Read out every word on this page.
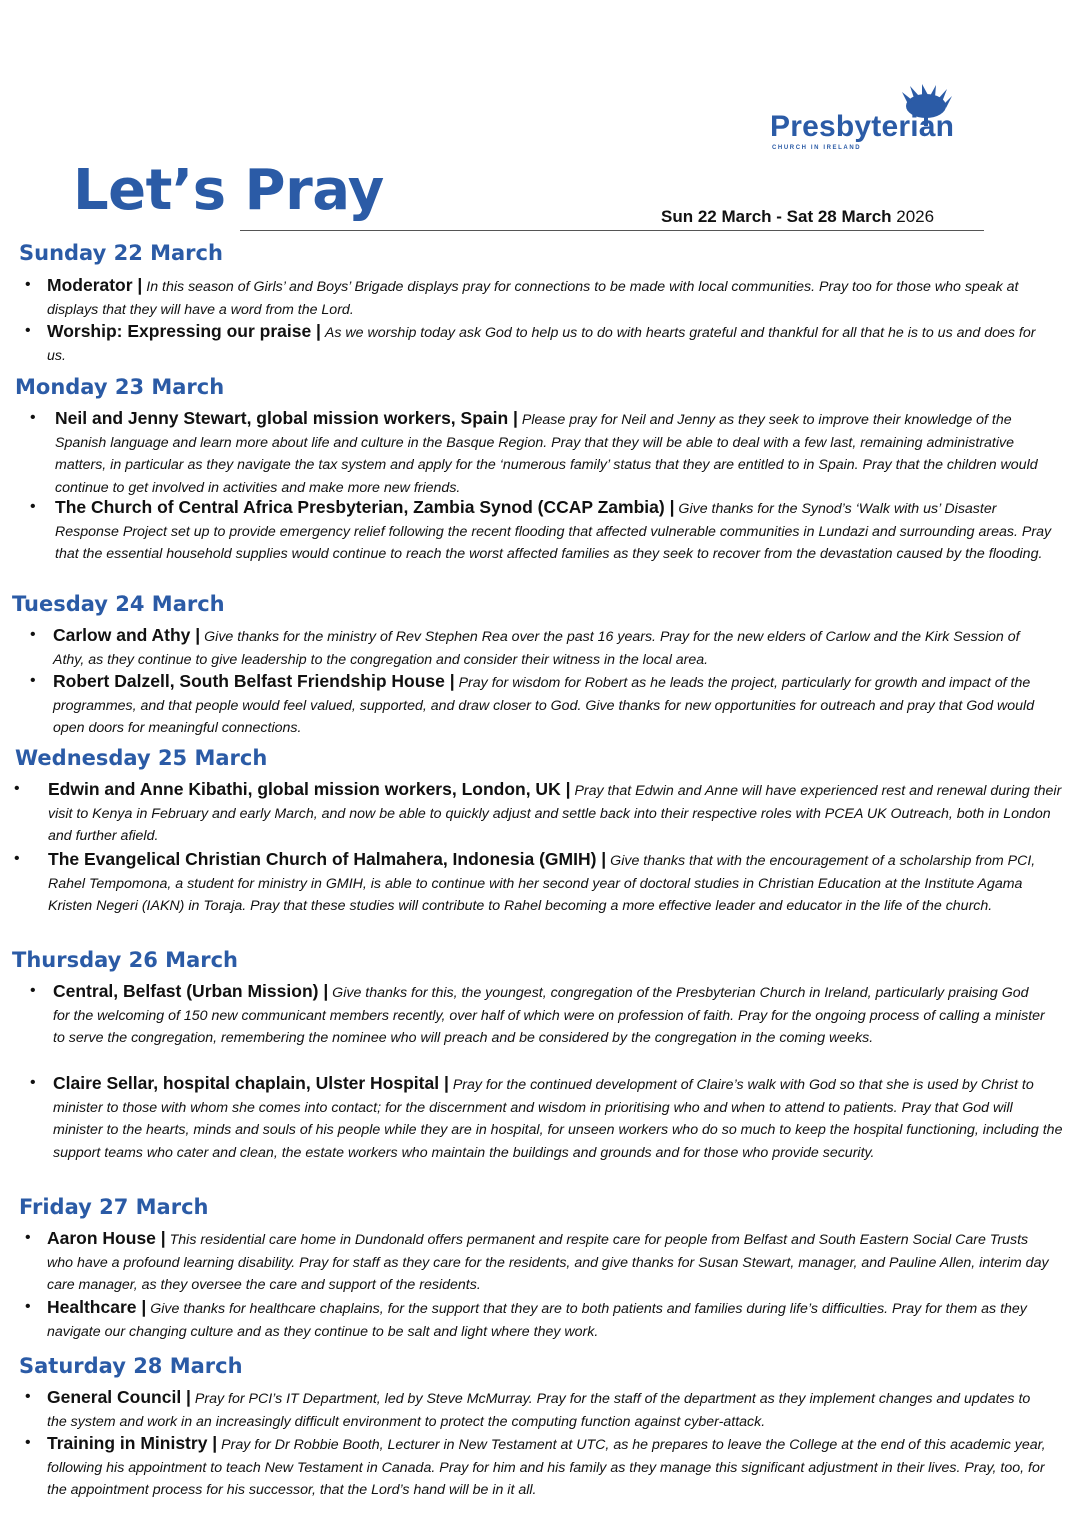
Presbyterian
CHURCH IN IRELAND
Let’s Pray	Sun 22 March - Sat 28 March 2026
Sunday 22 March
• Moderator | In this season of Girls’ and Boys’ Brigade displays pray for connections to be made with local communities. Pray too for those who speak at displays that they will have a word from the Lord.
• Worship: Expressing our praise | As we worship today ask God to help us to do with hearts grateful and thankful for all that he is to us and does for us.
Monday 23 March
• Neil and Jenny Stewart, global mission workers, Spain | Please pray for Neil and Jenny as they seek to improve their knowledge of the Spanish language and learn more about life and culture in the Basque Region. Pray that they will be able to deal with a few last, remaining administrative matters, in particular as they navigate the tax system and apply for the ‘numerous family’ status that they are entitled to in Spain. Pray that the children would continue to get involved in activities and make more new friends.
• The Church of Central Africa Presbyterian, Zambia Synod (CCAP Zambia) | Give thanks for the Synod’s ‘Walk with us’ Disaster Response Project set up to provide emergency relief following the recent flooding that affected vulnerable communities in Lundazi and surrounding areas. Pray that the essential household supplies would continue to reach the worst affected families as they seek to recover from the devastation caused by the flooding.
Tuesday 24 March
• Carlow and Athy | Give thanks for the ministry of Rev Stephen Rea over the past 16 years. Pray for the new elders of Carlow and the Kirk Session of Athy, as they continue to give leadership to the congregation and consider their witness in the local area.
• Robert Dalzell, South Belfast Friendship House | Pray for wisdom for Robert as he leads the project, particularly for growth and impact of the programmes, and that people would feel valued, supported, and draw closer to God. Give thanks for new opportunities for outreach and pray that God would open doors for meaningful connections.
Wednesday 25 March
• Edwin and Anne Kibathi, global mission workers, London, UK | Pray that Edwin and Anne will have experienced rest and renewal during their visit to Kenya in February and early March, and now be able to quickly adjust and settle back into their respective roles with PCEA UK Outreach, both in London and further afield.
• The Evangelical Christian Church of Halmahera, Indonesia (GMIH) | Give thanks that with the encouragement of a scholarship from PCI, Rahel Tempomona, a student for ministry in GMIH, is able to continue with her second year of doctoral studies in Christian Education at the Institute Agama Kristen Negeri (IAKN) in Toraja. Pray that these studies will contribute to Rahel becoming a more effective leader and educator in the life of the church.
Thursday 26 March
• Central, Belfast (Urban Mission) | Give thanks for this, the youngest, congregation of the Presbyterian Church in Ireland, particularly praising God for the welcoming of 150 new communicant members recently, over half of which were on profession of faith. Pray for the ongoing process of calling a minister to serve the congregation, remembering the nominee who will preach and be considered by the congregation in the coming weeks.
• Claire Sellar, hospital chaplain, Ulster Hospital | Pray for the continued development of Claire’s walk with God so that she is used by Christ to minister to those with whom she comes into contact; for the discernment and wisdom in prioritising who and when to attend to patients. Pray that God will minister to the hearts, minds and souls of his people while they are in hospital, for unseen workers who do so much to keep the hospital functioning, including the support teams who cater and clean, the estate workers who maintain the buildings and grounds and for those who provide security.
Friday 27 March
• Aaron House | This residential care home in Dundonald offers permanent and respite care for people from Belfast and South Eastern Social Care Trusts who have a profound learning disability. Pray for staff as they care for the residents, and give thanks for Susan Stewart, manager, and Pauline Allen, interim day care manager, as they oversee the care and support of the residents.
• Healthcare | Give thanks for healthcare chaplains, for the support that they are to both patients and families during life’s difficulties. Pray for them as they navigate our changing culture and as they continue to be salt and light where they work.
Saturday 28 March
• General Council | Pray for PCI’s IT Department, led by Steve McMurray. Pray for the staff of the department as they implement changes and updates to the system and work in an increasingly difficult environment to protect the computing function against cyber-attack.
• Training in Ministry | Pray for Dr Robbie Booth, Lecturer in New Testament at UTC, as he prepares to leave the College at the end of this academic year, following his appointment to teach New Testament in Canada. Pray for him and his family as they manage this significant adjustment in their lives. Pray, too, for the appointment process for his successor, that the Lord’s hand will be in it all.
